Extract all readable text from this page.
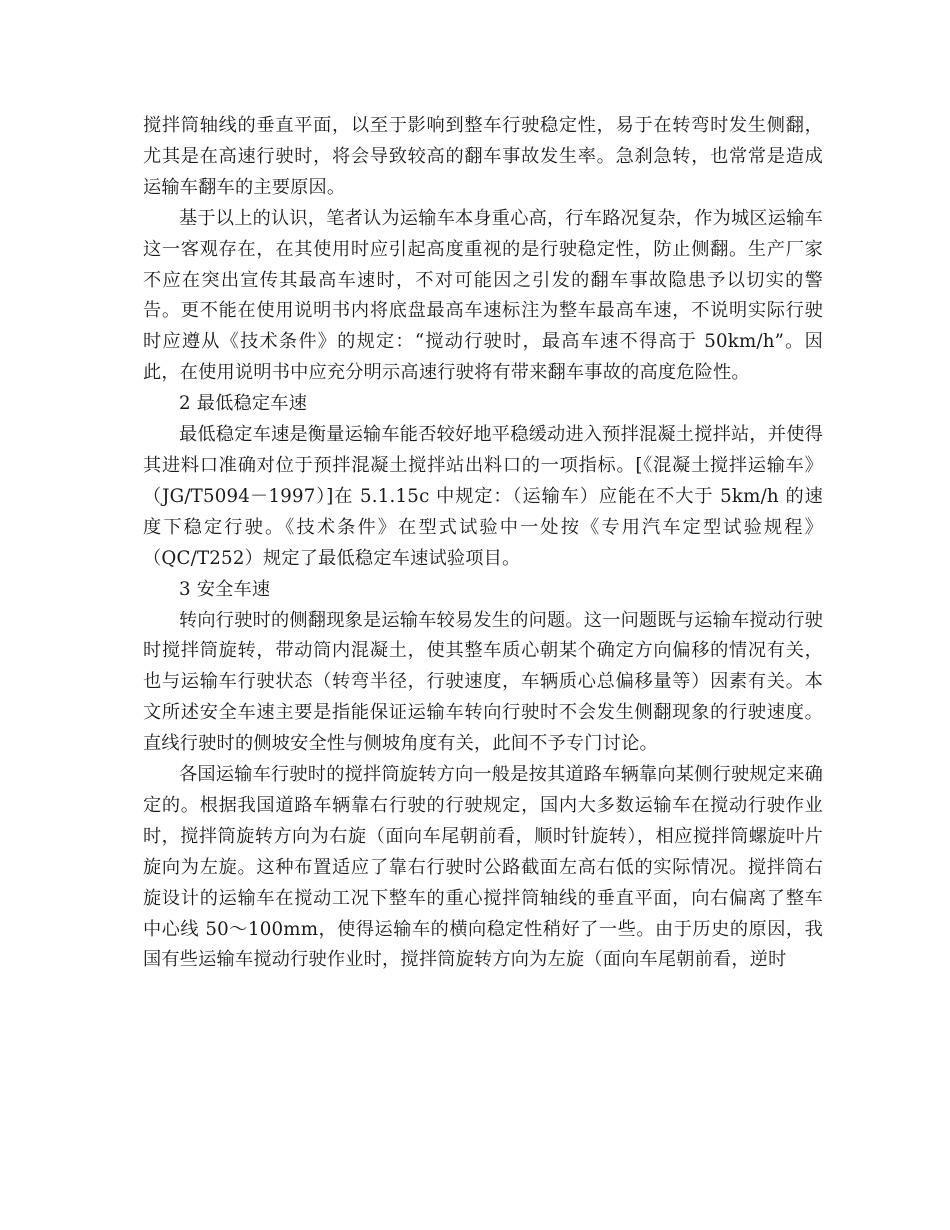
搅拌筒轴线的垂直平面，以至于影响到整车行驶稳定性，易于在转弯时发生侧翻，尤其是在高速行驶时，将会导致较高的翻车事故发生率。急刹急转，也常常是造成运输车翻车的主要原因。

基于以上的认识，笔者认为运输车本身重心高，行车路况复杂，作为城区运输车这一客观存在，在其使用时应引起高度重视的是行驶稳定性，防止侧翻。生产厂家不应在突出宣传其最高车速时，不对可能因之引发的翻车事故隐患予以切实的警告。更不能在使用说明书内将底盘最高车速标注为整车最高车速，不说明实际行驶时应遵从《技术条件》的规定：“搅动行驶时，最高车速不得高于 50km/h”。因此，在使用说明书中应充分明示高速行驶将有带来翻车事故的高度危险性。

2 最低稳定车速

最低稳定车速是衡量运输车能否较好地平稳缓动进入预拌混凝土搅拌站，并使得其进料口准确对位于预拌混凝土搅拌站出料口的一项指标。[《混凝土搅拌运输车》（JG/T5094－1997）]在 5.1.15c 中规定：（运输车）应能在不大于 5km/h 的速度下稳定行驶。《技术条件》在型式试验中一处按《专用汽车定型试验规程》（QC/T252）规定了最低稳定车速试验项目。

3 安全车速

转向行驶时的侧翻现象是运输车较易发生的问题。这一问题既与运输车搅动行驶时搅拌筒旋转，带动筒内混凝土，使其整车质心朝某个确定方向偏移的情况有关，也与运输车行驶状态（转弯半径，行驶速度，车辆质心总偏移量等）因素有关。本文所述安全车速主要是指能保证运输车转向行驶时不会发生侧翻现象的行驶速度。直线行驶时的侧坡安全性与侧坡角度有关，此间不予专门讨论。

各国运输车行驶时的搅拌筒旋转方向一般是按其道路车辆靠向某侧行驶规定来确定的。根据我国道路车辆靠右行驶的行驶规定，国内大多数运输车在搅动行驶作业时，搅拌筒旋转方向为右旋（面向车尾朝前看，顺时针旋转），相应搅拌筒螺旋叶片旋向为左旋。这种布置适应了靠右行驶时公路截面左高右低的实际情况。搅拌筒右旋设计的运输车在搅动工况下整车的重心搅拌筒轴线的垂直平面，向右偏离了整车中心线 50～100mm，使得运输车的横向稳定性稍好了一些。由于历史的原因，我国有些运输车搅动行驶作业时，搅拌筒旋转方向为左旋（面向车尾朝前看，逆时
